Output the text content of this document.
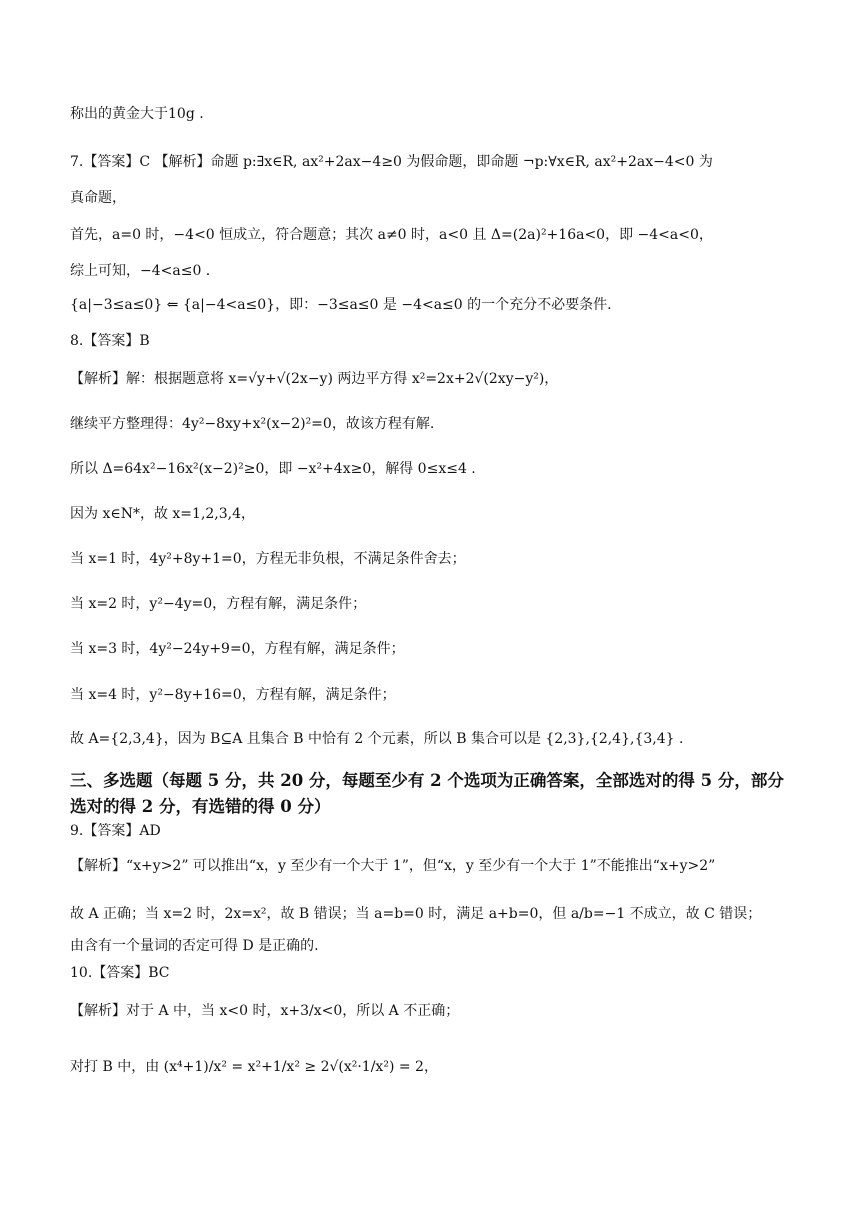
称出的黄金大于10g .
7.【答案】C 【解析】命题 p:∃x∈R, ax²+2ax−4≥0 为假命题，即命题 ¬p:∀x∈R, ax²+2ax−4<0 为
真命题，
首先，a=0 时，−4<0 恒成立，符合题意；其次 a≠0 时，a<0 且 Δ=(2a)²+16a<0，即 −4<a<0，
综上可知，−4<a≤0 .
{a|−3≤a≤0} ⇐ {a|−4<a≤0}，即：−3≤a≤0 是 −4<a≤0 的一个充分不必要条件.
8.【答案】B
【解析】解：根据题意将 x=√y+√(2x−y) 两边平方得 x²=2x+2√(2xy−y²)，
继续平方整理得：4y²−8xy+x²(x−2)²=0，故该方程有解.
所以 Δ=64x²−16x²(x−2)²≥0，即 −x²+4x≥0，解得 0≤x≤4 .
因为 x∈N*，故 x=1,2,3,4，
当 x=1 时，4y²+8y+1=0，方程无非负根，不满足条件舍去；
当 x=2 时，y²−4y=0，方程有解，满足条件；
当 x=3 时，4y²−24y+9=0，方程有解，满足条件；
当 x=4 时，y²−8y+16=0，方程有解，满足条件；
故 A={2,3,4}，因为 B⊆A 且集合 B 中恰有 2 个元素，所以 B 集合可以是 {2,3},{2,4},{3,4} .
三、多选题（每题 5 分，共 20 分，每题至少有 2 个选项为正确答案，全部选对的得 5 分，部分
选对的得 2 分，有选错的得 0 分）
9.【答案】AD
【解析】“x+y>2” 可以推出“x，y 至少有一个大于 1”，但“x，y 至少有一个大于 1”不能推出“x+y>2”
故 A 正确；当 x=2 时，2x=x²，故 B 错误；当 a=b=0 时，满足 a+b=0，但 a/b=−1 不成立，故 C 错误；
由含有一个量词的否定可得 D 是正确的.
10.【答案】BC
【解析】对于 A 中，当 x<0 时，x+3/x<0，所以 A 不正确；
对打 B 中，由 (x⁴+1)/x² = x²+1/x² ≥ 2√(x²·1/x²) = 2，
